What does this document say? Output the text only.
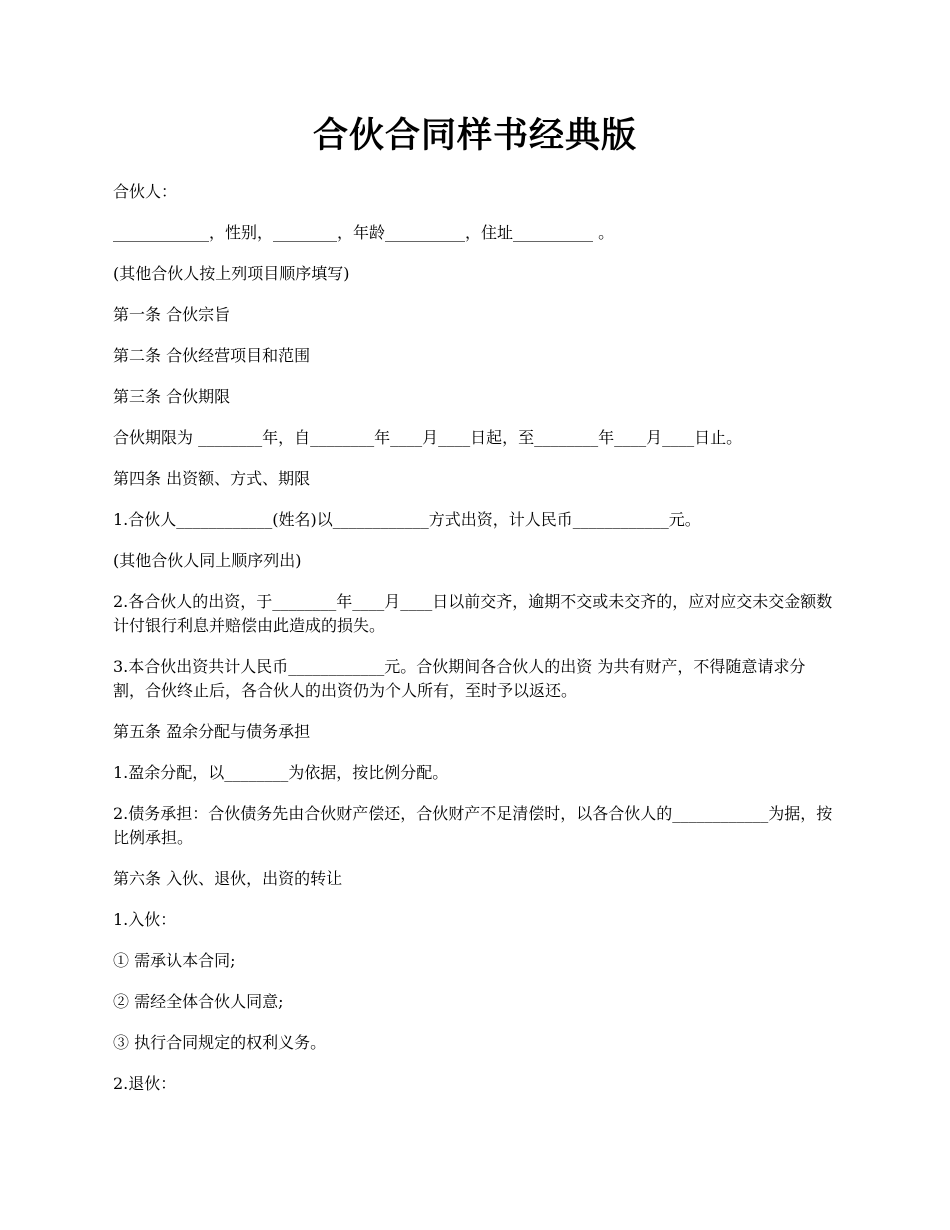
合伙合同样书经典版

合伙人：

____________，性别，________，年龄__________，住址__________ 。

(其他合伙人按上列项目顺序填写)

第一条 合伙宗旨

第二条 合伙经营项目和范围

第三条 合伙期限

合伙期限为 ________年，自________年____月____日起，至________年____月____日止。

第四条 出资额、方式、期限

1.合伙人____________(姓名)以____________方式出资，计人民币____________元。

(其他合伙人同上顺序列出)

2.各合伙人的出资，于________年____月____日以前交齐，逾期不交或未交齐的，应对应交未交金额数计付银行利息并赔偿由此造成的损失。

3.本合伙出资共计人民币____________元。合伙期间各合伙人的出资 为共有财产，不得随意请求分割，合伙终止后，各合伙人的出资仍为个人所有，至时予以返还。

第五条 盈余分配与债务承担

1.盈余分配，以________为依据，按比例分配。

2.债务承担：合伙债务先由合伙财产偿还，合伙财产不足清偿时，以各合伙人的____________为据，按比例承担。

第六条 入伙、退伙，出资的转让

1.入伙：

① 需承认本合同;

② 需经全体合伙人同意;

③ 执行合同规定的权利义务。

2.退伙：
